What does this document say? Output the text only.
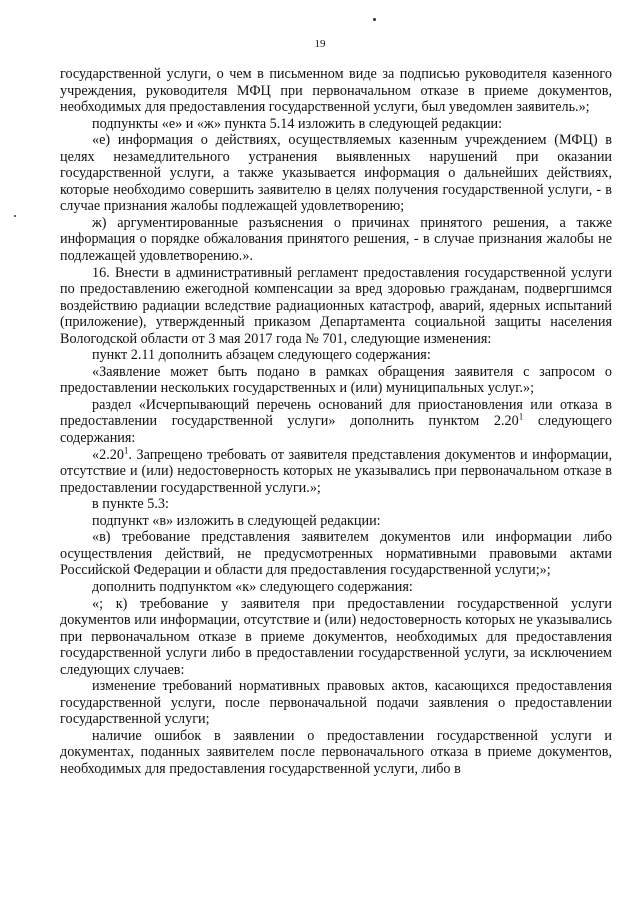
19

государственной услуги, о чем в письменном виде за подписью руководителя казенного учреждения, руководителя МФЦ при первоначальном отказе в приеме документов, необходимых для предоставления государственной услуги, был уведомлен заявитель.»;

подпункты «е» и «ж» пункта 5.14 изложить в следующей редакции:

«е) информация о действиях, осуществляемых казенным учреждением (МФЦ) в целях незамедлительного устранения выявленных нарушений при оказании государственной услуги, а также указывается информация о дальнейших действиях, которые необходимо совершить заявителю в целях получения государственной услуги, - в случае признания жалобы подлежащей удовлетворению;

ж) аргументированные разъяснения о причинах принятого решения, а также информация о порядке обжалования принятого решения, - в случае признания жалобы не подлежащей удовлетворению.».

16. Внести в административный регламент предоставления государственной услуги по предоставлению ежегодной компенсации за вред здоровью гражданам, подвергшимся воздействию радиации вследствие радиационных катастроф, аварий, ядерных испытаний (приложение), утвержденный приказом Департамента социальной защиты населения Вологодской области от 3 мая 2017 года № 701, следующие изменения:

пункт 2.11 дополнить абзацем следующего содержания:

«Заявление может быть подано в рамках обращения заявителя с запросом о предоставлении нескольких государственных и (или) муниципальных услуг.»;

раздел «Исчерпывающий перечень оснований для приостановления или отказа в предоставлении государственной услуги» дополнить пунктом 2.20$^1$ следующего содержания:

«2.20$^1$. Запрещено требовать от заявителя представления документов и информации, отсутствие и (или) недостоверность которых не указывались при первоначальном отказе в предоставлении государственной услуги.»;

в пункте 5.3:

подпункт «в» изложить в следующей редакции:

«в) требование представления заявителем документов или информации либо осуществления действий, не предусмотренных нормативными правовыми актами Российской Федерации и области для предоставления государственной услуги;»;

дополнить подпунктом «к» следующего содержания:

«; к) требование у заявителя при предоставлении государственной услуги документов или информации, отсутствие и (или) недостоверность которых не указывались при первоначальном отказе в приеме документов, необходимых для предоставления государственной услуги либо в предоставлении государственной услуги, за исключением следующих случаев:

изменение требований нормативных правовых актов, касающихся предоставления государственной услуги, после первоначальной подачи заявления о предоставлении государственной услуги;

наличие ошибок в заявлении о предоставлении государственной услуги и документах, поданных заявителем после первоначального отказа в приеме документов, необходимых для предоставления государственной услуги, либо в
